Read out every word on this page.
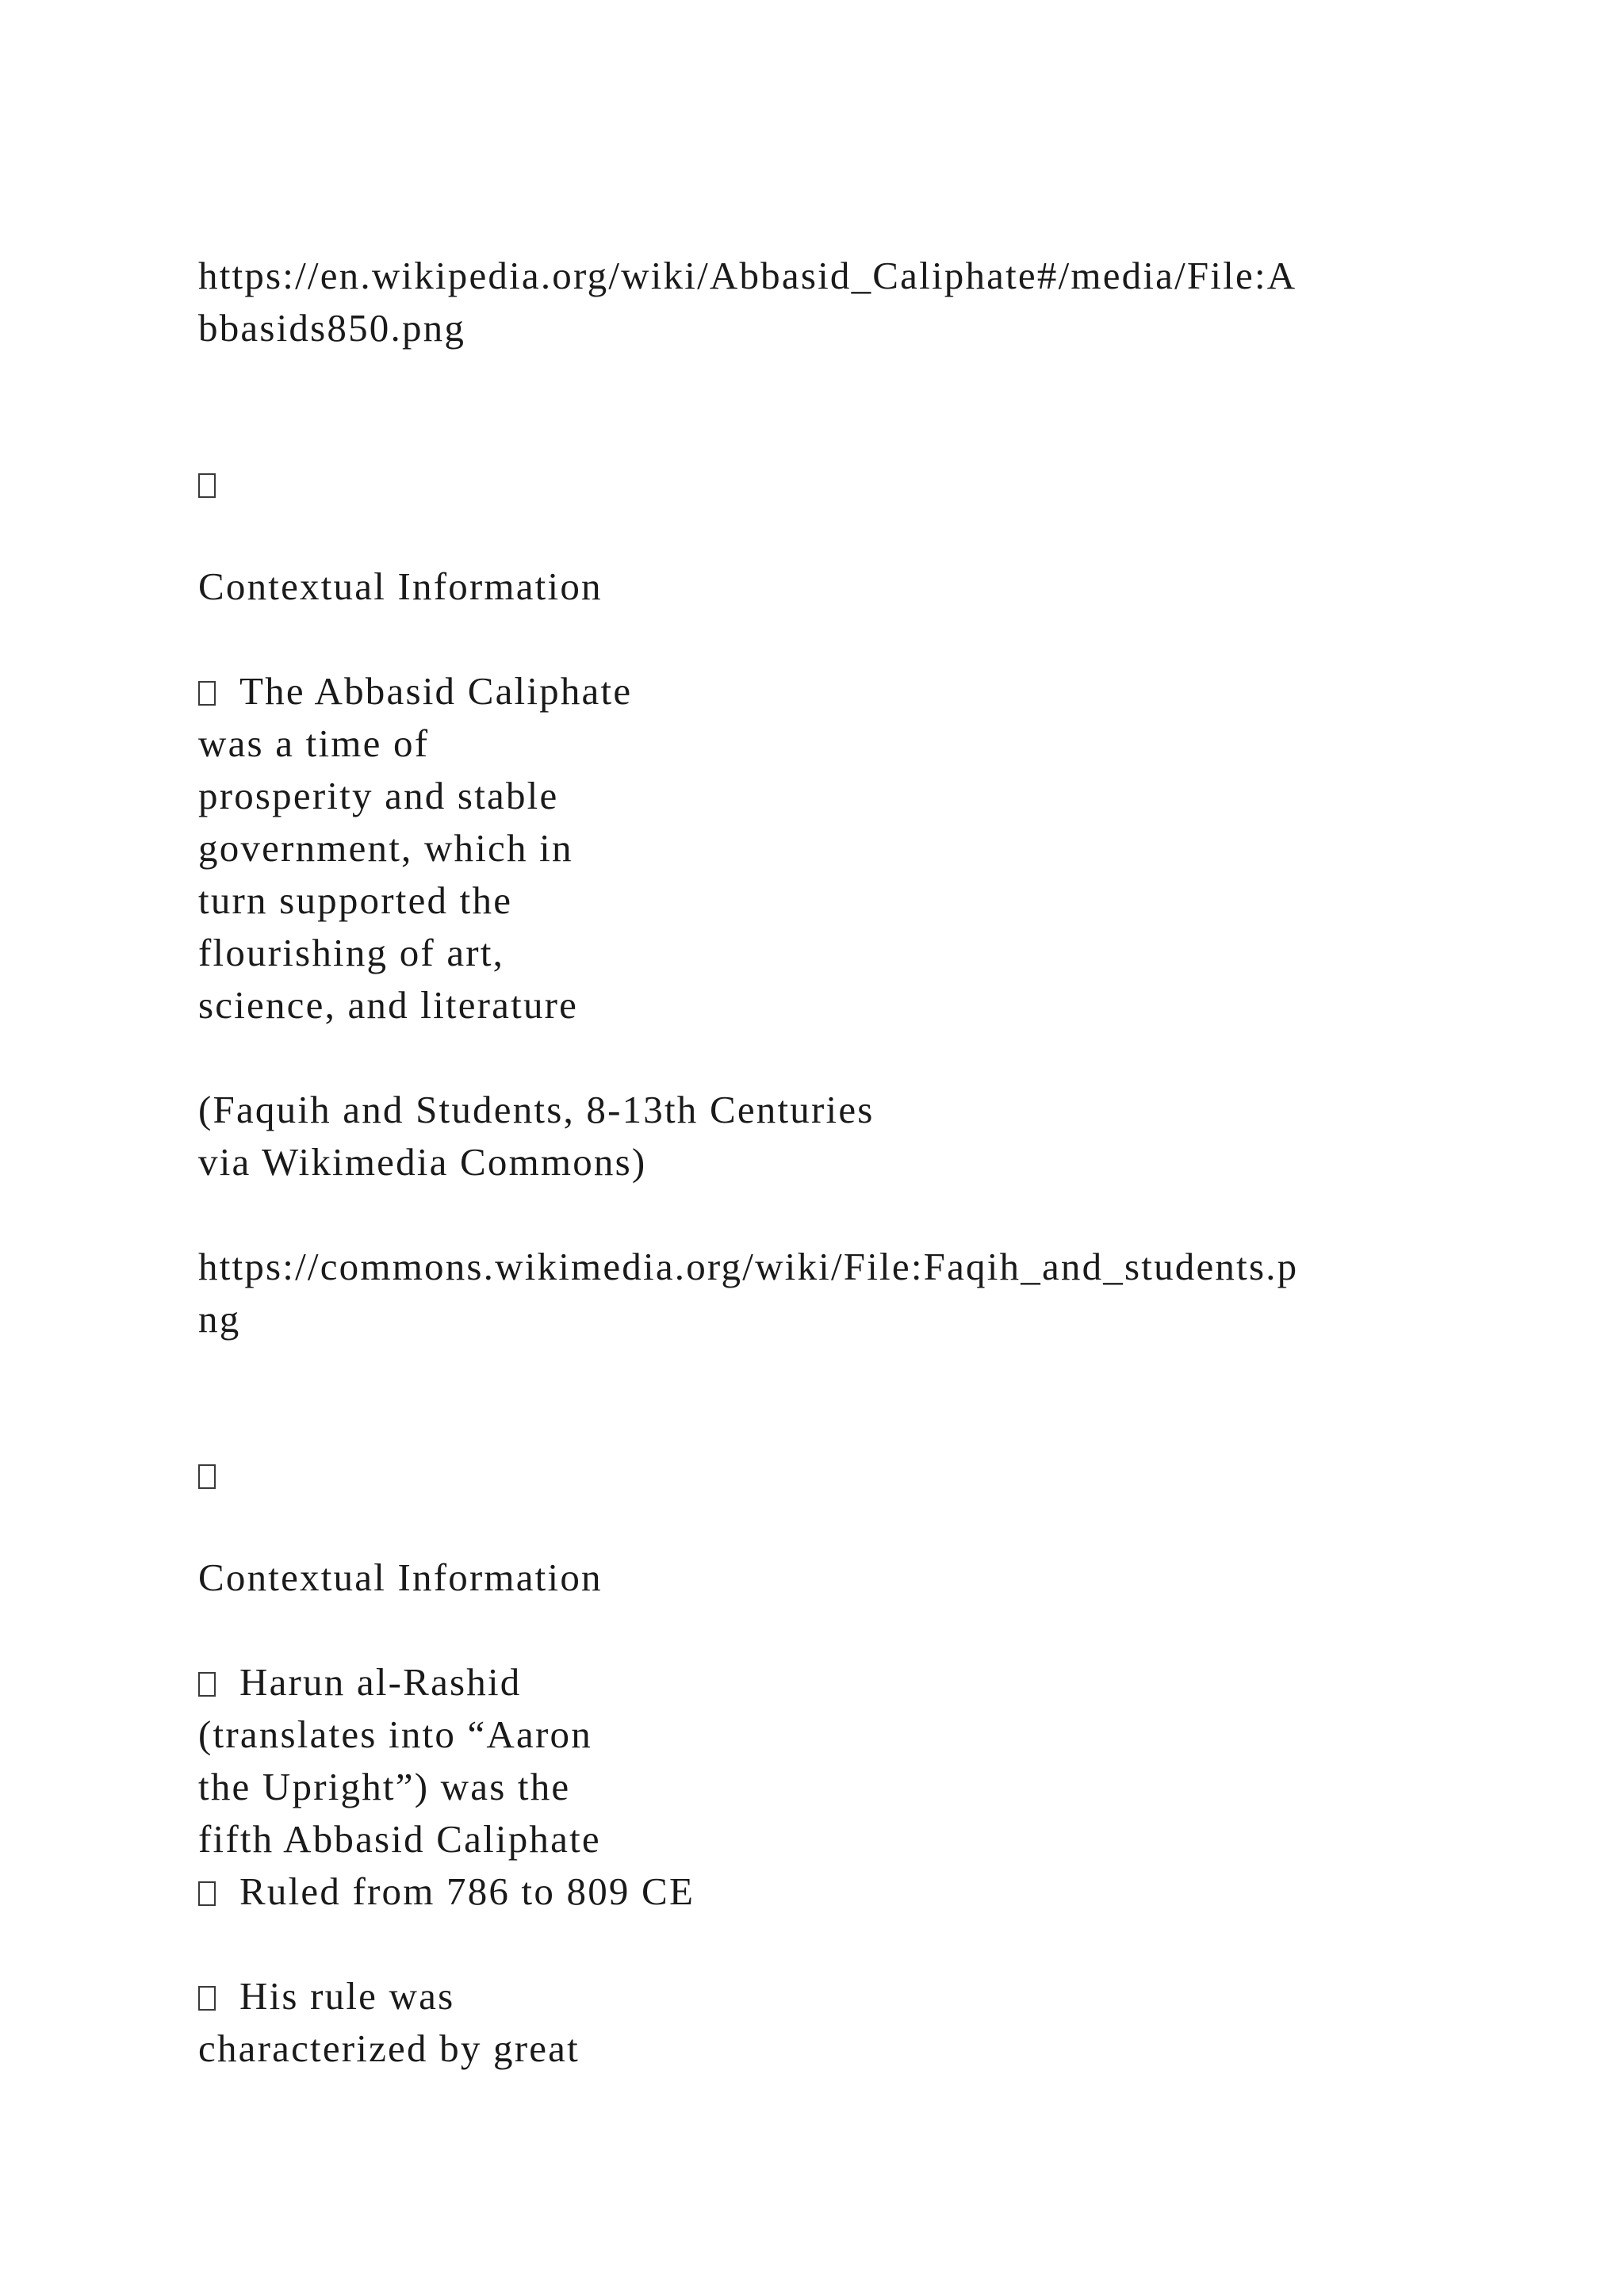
https://en.wikipedia.org/wiki/Abbasid_Caliphate#/media/File:A

bbasids850.png

Contextual Information

The Abbasid Caliphate

was a time of

prosperity and stable

government, which in

turn supported the

flourishing of art,

science, and literature

(Faquih and Students, 8-13th Centuries

via Wikimedia Commons)

https://commons.wikimedia.org/wiki/File:Faqih_and_students.p

ng

Contextual Information

Harun al-Rashid

(translates into “Aaron

the Upright”) was the

fifth Abbasid Caliphate

Ruled from 786 to 809 CE

His rule was

characterized by great
